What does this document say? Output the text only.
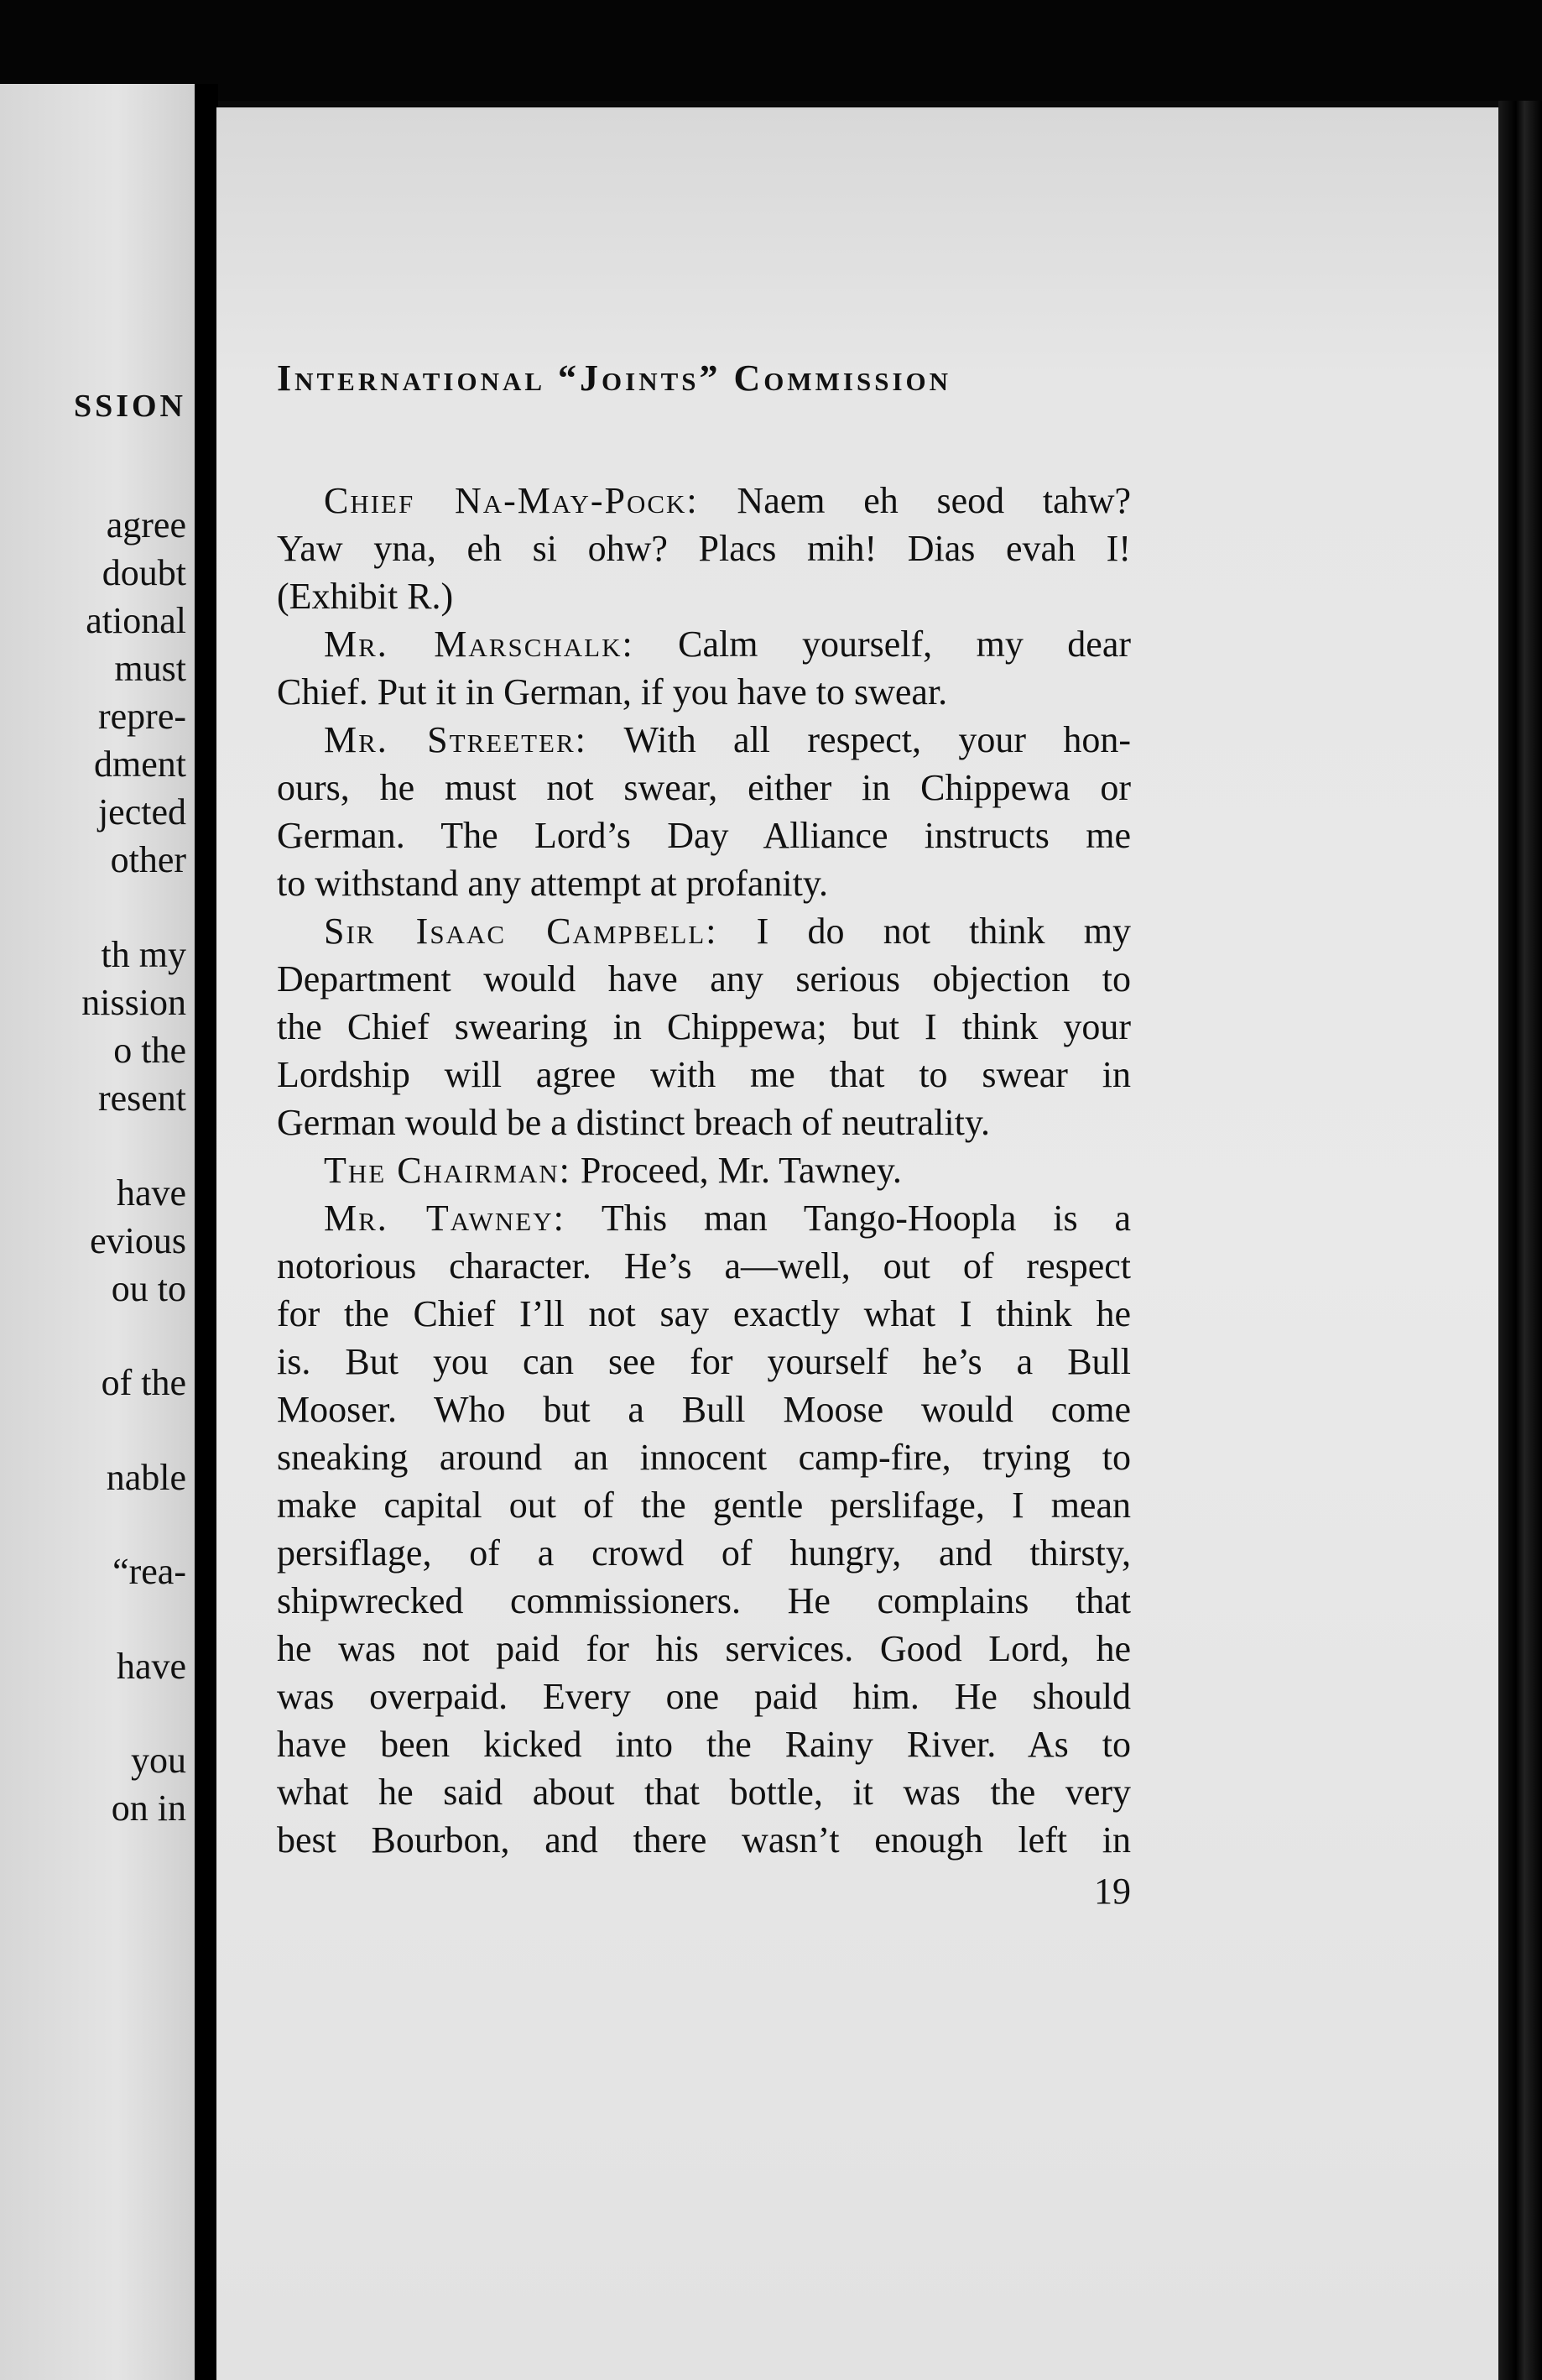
SSION
agree
doubt
ational
must
repre-
dment
jected
other
th my
nission
o the
resent
have
evious
ou to
of the
nable
“rea-
have
you
on in
International “Joints” Commission
Chief Na-May-Pock: Naem eh seod tahw?
Yaw yna, eh si ohw? Placs mih! Dias evah I!
(Exhibit R.)
Mr. Marschalk: Calm yourself, my dear
Chief. Put it in German, if you have to swear.
Mr. Streeter: With all respect, your hon-
ours, he must not swear, either in Chippewa or
German. The Lord’s Day Alliance instructs me
to withstand any attempt at profanity.
Sir Isaac Campbell: I do not think my
Department would have any serious objection to
the Chief swearing in Chippewa; but I think your
Lordship will agree with me that to swear in
German would be a distinct breach of neutrality.
The Chairman: Proceed, Mr. Tawney.
Mr. Tawney: This man Tango-Hoopla is a
notorious character. He’s a—well, out of respect
for the Chief I’ll not say exactly what I think he
is. But you can see for yourself he’s a Bull
Mooser. Who but a Bull Moose would come
sneaking around an innocent camp-fire, trying to
make capital out of the gentle perslifage, I mean
persiflage, of a crowd of hungry, and thirsty,
shipwrecked commissioners. He complains that
he was not paid for his services. Good Lord, he
was overpaid. Every one paid him. He should
have been kicked into the Rainy River. As to
what he said about that bottle, it was the very
best Bourbon, and there wasn’t enough left in
19
